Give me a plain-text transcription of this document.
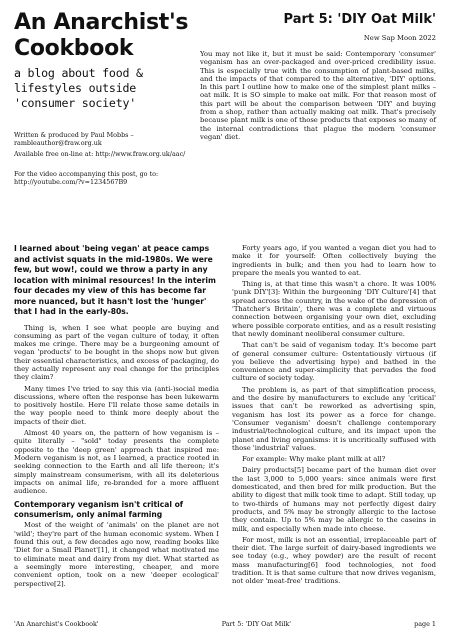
An Anarchist's Cookbook

a blog about food & lifestyles outside 'consumer society'

Written & produced by Paul Mobbs – rambleauthor@fraw.org.uk

Available free on-line at: http://www.fraw.org.uk/aac/

For the video accompanying this post, go to: http://youtube.com/?v=1234567B9

Part 5: 'DIY Oat Milk'

New Sap Moon 2022

You may not like it, but it must be said: Contemporary 'consumer' veganism has an over-packaged and over-priced credibility issue. This is especially true with the consumption of plant-based milks, and the impacts of that compared to the alternative, 'DIY' options. In this part I outline how to make one of the simplest plant milks – oat milk. It is SO simple to make oat milk. For that reason most of this part will be about the comparison between 'DIY' and buying from a shop, rather than actually making oat milk. That's precisely because plant milk is one of those products that exposes so many of the internal contradictions that plague the modern 'consumer vegan' diet.

I learned about 'being vegan' at peace camps and activist squats in the mid-1980s. We were few, but wow!, could we throw a party in any location with minimal resources! In the interim four decades my view of this has become far more nuanced, but it hasn't lost the 'hunger' that I had in the early-80s.

Thing is, when I see what people are buying and consuming as part of the vegan culture of today, it often makes me cringe. There may be a burgeoning amount of vegan 'products' to be bought in the shops now but given their essential characteristics, and excess of packaging, do they actually represent any real change for the principles they claim?

Many times I've tried to say this via (anti-)social media discussions, where often the response has been lukewarm to positively hostile. Here I'll relate those same details in the way people need to think more deeply about the impacts of their diet.

Almost 40 years on, the pattern of how veganism is – quite literally – "sold" today presents the complete opposite to the 'deep green' approach that inspired me: Modern veganism is not, as I learned, a practice rooted in seeking connection to the Earth and all life thereon; it's simply mainstream consumerism, with all its deleterious impacts on animal life, re-branded for a more affluent audience.

Contemporary veganism isn't critical of consumerism, only animal farming

Most of the weight of 'animals' on the planet are not 'wild'; they're part of the human economic system. When I found this out, a few decades ago now, reading books like 'Diet for a Small Planet'[1], it changed what motivated me to eliminate meat and dairy from my diet. What started as a seemingly more interesting, cheaper, and more convenient option, took on a new 'deeper ecological' perspective[2].

Forty years ago, if you wanted a vegan diet you had to make it for yourself: Often collectively buying the ingredients in bulk; and then you had to learn how to prepare the meals you wanted to eat.

Thing is, at that time this wasn't a chore. It was 100% 'punk DIY'[3]: Within the burgeoning 'DIY Culture'[4] that spread across the country, in the wake of the depression of 'Thatcher's Britain', there was a complete and virtuous connection between organising your own diet, excluding where possible corporate entities, and as a result resisting that newly dominant neoliberal consumer culture.

That can't be said of veganism today. It's become part of general consumer culture: Ostentatiously virtuous (if you believe the advertising hype) and bathed in the convenience and super-simplicity that pervades the food culture of society today.

The problem is, as part of that simplification process, and the desire by manufacturers to exclude any 'critical' issues that can't be reworked as advertising spin, veganism has lost its power as a force for change. 'Consumer veganism' doesn't challenge contemporary industrial/technological culture, and its impact upon the planet and living organisms: it is uncritically suffused with those 'industrial' values.

For example: Why make plant milk at all?

Dairy products[5] became part of the human diet over the last 3,000 to 5,000 years: since animals were first domesticated, and then bred for milk production. But the ability to digest that milk took time to adapt. Still today, up to two-thirds of humans may not perfectly digest dairy products, and 5% may be strongly allergic to the lactose they contain. Up to 5% may be allergic to the caseins in milk, and especially when made into cheese.

For most, milk is not an essential, irreplaceable part of their diet. The large surfeit of dairy-based ingredients we see today (e.g., whey powder) are the result of recent mass manufacturing[6] food technologies, not food tradition. It is that same culture that now drives veganism, not older 'meat-free' traditions.

'An Anarchist's Cookbook'	Part 5: 'DIY Oat Milk'	page 1
